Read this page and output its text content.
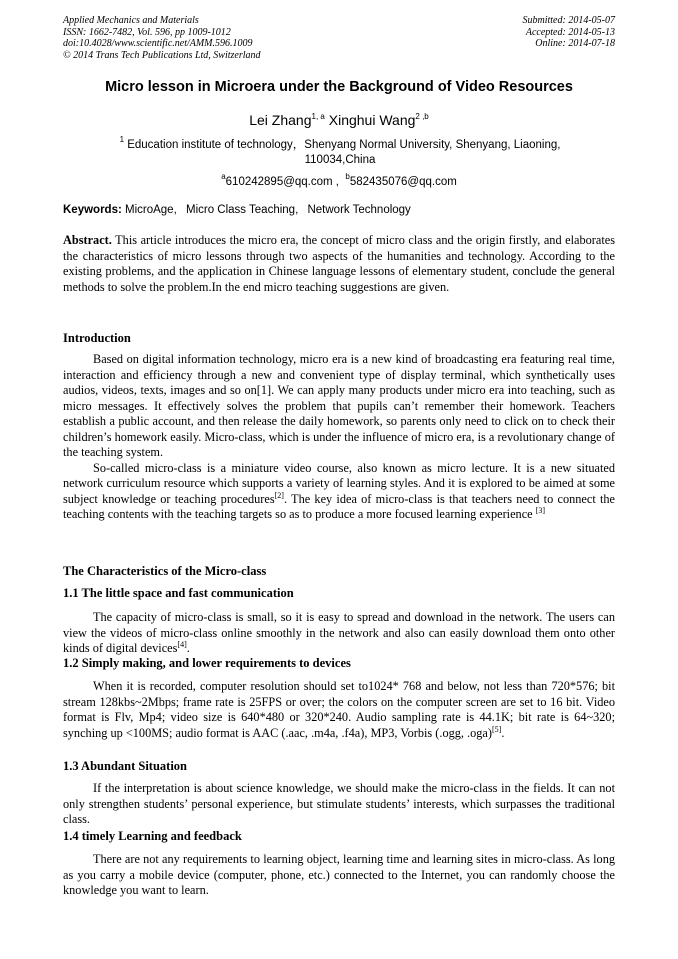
Applied Mechanics and Materials
ISSN: 1662-7482, Vol. 596, pp 1009-1012
doi:10.4028/www.scientific.net/AMM.596.1009
© 2014 Trans Tech Publications Ltd, Switzerland
Submitted: 2014-05-07
Accepted: 2014-05-13
Online: 2014-07-18
Micro lesson in Microera under the Background of Video Resources
Lei Zhang$^{1, a}$ Xinghui Wang$^{2 ,b}$
$^1$ Education institute of technology，Shenyang Normal University, Shenyang, Liaoning,
110034,China
$^a$610242895@qq.com , $^b$582435076@qq.com
Keywords: MicroAge, Micro Class Teaching, Network Technology

Abstract. This article introduces the micro era, the concept of micro class and the origin firstly, and elaborates the characteristics of micro lessons through two aspects of the humanities and technology. According to the existing problems, and the application in Chinese language lessons of elementary student, conclude the general methods to solve the problem.In the end micro teaching suggestions are given.

Introduction

Based on digital information technology, micro era is a new kind of broadcasting era featuring real time, interaction and efficiency through a new and convenient type of display terminal, which synthetically uses audios, videos, texts, images and so on[1]. We can apply many products under micro era into teaching, such as micro messages. It effectively solves the problem that pupils can’t remember their homework. Teachers establish a public account, and then release the daily homework, so parents only need to click on to check their children’s homework easily. Micro-class, which is under the influence of micro era, is a revolutionary change of the teaching system.

So-called micro-class is a miniature video course, also known as micro lecture. It is a new situated network curriculum resource which supports a variety of learning styles. And it is explored to be aimed at some subject knowledge or teaching procedures[2]. The key idea of micro-class is that teachers need to connect the teaching contents with the teaching targets so as to produce a more focused learning experience [3]

The Characteristics of the Micro-class
1.1 The little space and fast communication

The capacity of micro-class is small, so it is easy to spread and download in the network. The users can view the videos of micro-class online smoothly in the network and also can easily download them onto other kinds of digital devices[4].

1.2 Simply making, and lower requirements to devices

When it is recorded, computer resolution should set to1024* 768 and below, not less than 720*576; bit stream 128kbs~2Mbps; frame rate is 25FPS or over; the colors on the computer screen are set to 16 bit. Video format is Flv, Mp4; video size is 640*480 or 320*240. Audio sampling rate is 44.1K; bit rate is 64~320; synching up <100MS; audio format is AAC (.aac, .m4a, .f4a), MP3, Vorbis (.ogg, .oga)[5].

1.3 Abundant Situation

If the interpretation is about science knowledge, we should make the micro-class in the fields. It can not only strengthen students’ personal experience, but stimulate students’ interests, which surpasses the traditional class.

1.4 timely Learning and feedback

There are not any requirements to learning object, learning time and learning sites in micro-class. As long as you carry a mobile device (computer, phone, etc.) connected to the Internet, you can randomly choose the knowledge you want to learn.
